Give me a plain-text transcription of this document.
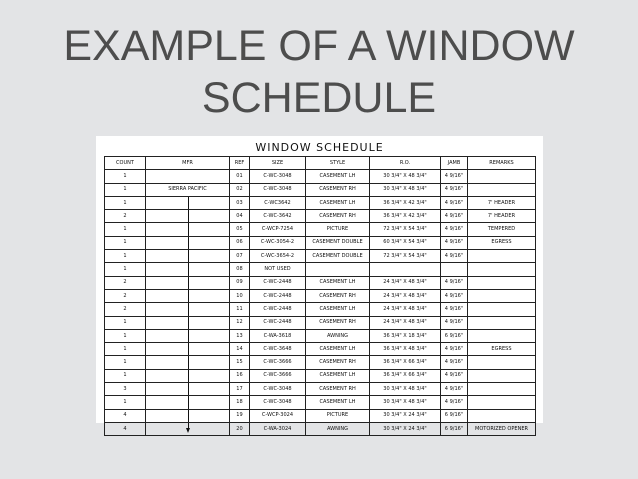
EXAMPLE OF A WINDOW
SCHEDULE
WINDOW SCHEDULE
COUNT	MFR	REF	SIZE	STYLE	R.O.	JAMB	REMARKS
1		01	C-WC-3048	CASEMENT LH	30 3/4" X 48 3/4"	4 9/16"	
1	SIERRA PACIFIC	02	C-WC-3048	CASEMENT RH	30 3/4" X 48 3/4"	4 9/16"	
1		03	C-WC3642	CASEMENT LH	36 3/4" X 42 3/4"	4 9/16"	7' HEADER
2		04	C-WC-3642	CASEMENT RH	36 3/4" X 42 3/4"	4 9/16"	7' HEADER
1		05	C-WCP-7254	PICTURE	72 3/4" X 54 3/4"	4 9/16"	TEMPERED
1		06	C-WC-3054-2	CASEMENT DOUBLE	60 3/4" X 54 3/4"	4 9/16"	EGRESS
1		07	C-WC-3654-2	CASEMENT DOUBLE	72 3/4" X 54 3/4"	4 9/16"	
1		08	NOT USED				
2		09	C-WC-2448	CASEMENT LH	24 3/4" X 48 3/4"	4 9/16"	
2		10	C-WC-2448	CASEMENT RH	24 3/4" X 48 3/4"	4 9/16"	
2		11	C-WC-2448	CASEMENT LH	24 3/4" X 48 3/4"	4 9/16"	
1		12	C-WC-2448	CASEMENT RH	24 3/4" X 48 3/4"	4 9/16"	
1		13	C-WA-3618	AWNING	36 3/4" X 18 3/4"	6 9/16"	
1		14	C-WC-3648	CASEMENT LH	36 3/4" X 48 3/4"	4 9/16"	EGRESS
1		15	C-WC-3666	CASEMENT RH	36 3/4" X 66 3/4"	4 9/16"	
1		16	C-WC-3666	CASEMENT LH	36 3/4" X 66 3/4"	4 9/16"	
3		17	C-WC-3048	CASEMENT RH	30 3/4" X 48 3/4"	4 9/16"	
1		18	C-WC-3048	CASEMENT LH	30 3/4" X 48 3/4"	4 9/16"	
4		19	C-WCP-3024	PICTURE	30 3/4" X 24 3/4"	6 9/16"	
4		20	C-WA-3024	AWNING	30 3/4" X 24 3/4"	6 9/16"	MOTORIZED OPENER
